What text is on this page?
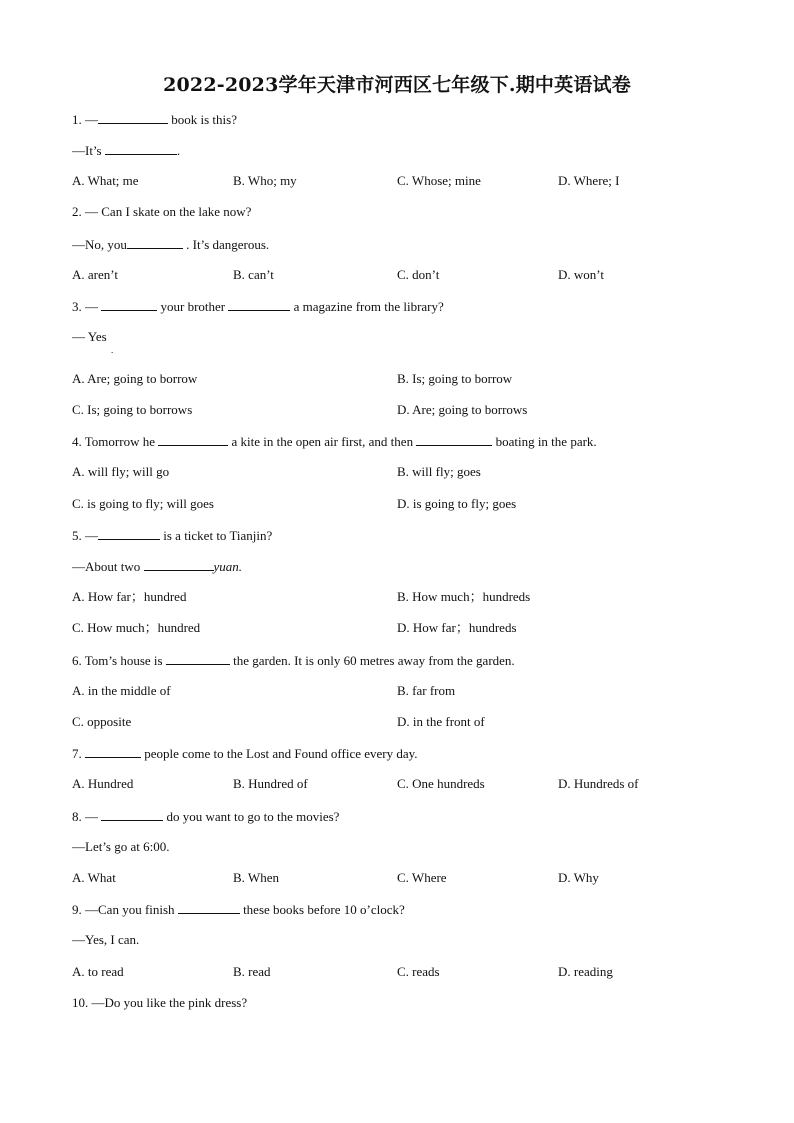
2022-2023学年天津市河西区七年级下.期中英语试卷
1. —	book is this?
—It’s	.
A. What; me	B. Who; my	C. Whose; mine	D. Where; I
2. — Can I skate on the lake now?
—No, you	. It’s dangerous.
A. aren’t	B. can’t	C. don’t	D. won’t
3. —	your brother	a magazine from the library?
— Yes
.
A. Are; going to borrow	B. Is; going to borrow
C. Is; going to borrows	D. Are; going to borrows
4. Tomorrow he	a kite in the open air first, and then	boating in the park.
A. will fly; will go	B. will fly; goes
C. is going to fly; will goes	D. is going to fly; goes
5. —	is a ticket to Tianjin?
—About two	yuan.
A. How far；hundred	B. How much；hundreds
C. How much；hundred	D. How far；hundreds
6. Tom’s house is	the garden. It is only 60 metres away from the garden.
A. in the middle of	B. far from
C. opposite	D. in the front of
7.	people come to the Lost and Found office every day.
A. Hundred	B. Hundred of	C. One hundreds	D. Hundreds of
8. —	do you want to go to the movies?
—Let’s go at 6:00.
A. What	B. When	C. Where	D. Why
9. —Can you finish	these books before 10 o’clock?
—Yes, I can.
A. to read	B. read	C. reads	D. reading
10. —Do you like the pink dress?
